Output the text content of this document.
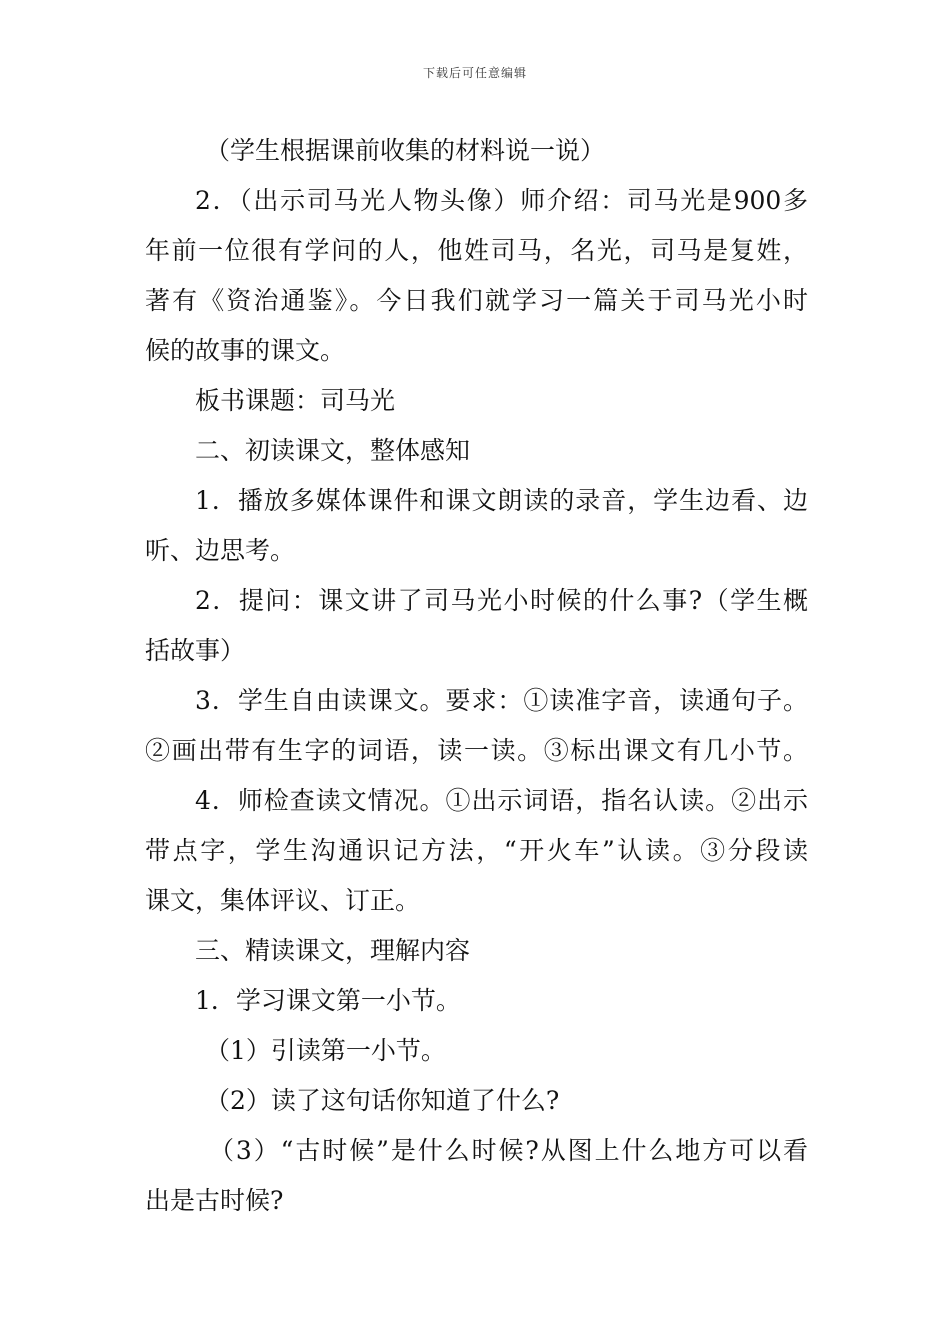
下载后可任意编辑
（学生根据课前收集的材料说一说）
2．（出示司马光人物头像）师介绍：司马光是900多
年前一位很有学问的人，他姓司马，名光，司马是复姓，
著有《资治通鉴》。今日我们就学习一篇关于司马光小时
候的故事的课文。
板书课题：司马光
二、初读课文，整体感知
1．播放多媒体课件和课文朗读的录音，学生边看、边
听、边思考。
2．提问：课文讲了司马光小时候的什么事?（学生概
括故事）
3．学生自由读课文。要求：①读准字音，读通句子。
②画出带有生字的词语，读一读。③标出课文有几小节。
4．师检查读文情况。①出示词语，指名认读。②出示
带点字，学生沟通识记方法，“开火车”认读。③分段读
课文，集体评议、订正。
三、精读课文，理解内容
1．学习课文第一小节。
（1）引读第一小节。
（2）读了这句话你知道了什么?
（3）“古时候”是什么时候?从图上什么地方可以看
出是古时候?
